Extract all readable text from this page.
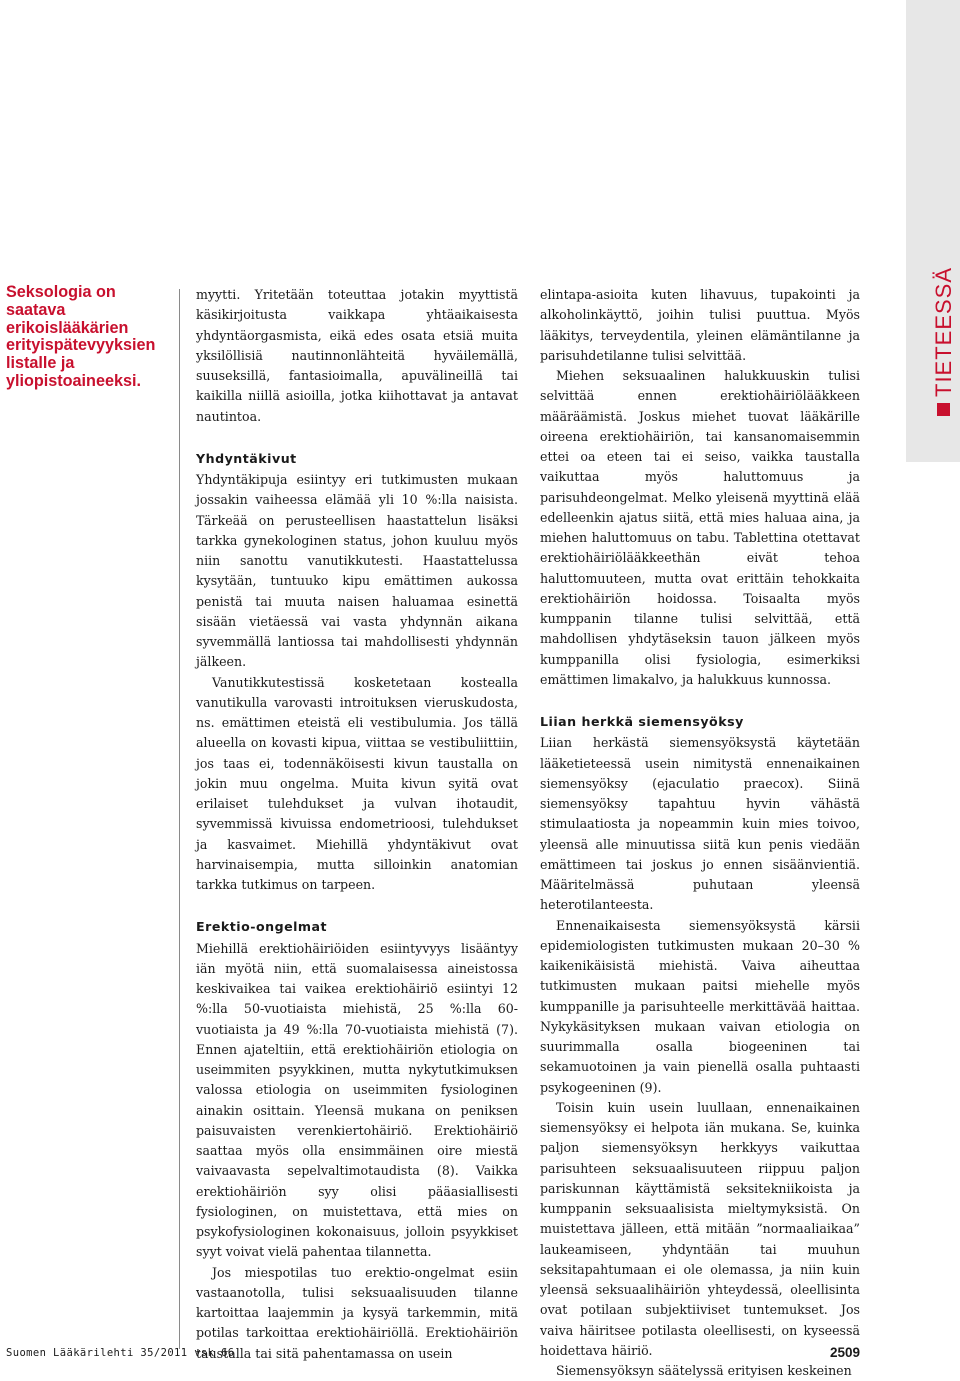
TIETEESSÄ
Seksologia on saatava erikoislääkärien erityispätevyyksien listalle ja yliopistoaineeksi.

myytti. Yritetään toteuttaa jotakin myyttistä käsikirjoitusta vaikkapa yhtäaikaisesta yhdyntäorgasmista, eikä edes osata etsiä muita yksilöllisiä nautinnonlähteitä hyväilemällä, suuseksillä, fantasioimalla, apuvälineillä tai kaikilla niillä asioilla, jotka kiihottavat ja antavat nautintoa.

Yhdyntäkivut

Yhdyntäkipuja esiintyy eri tutkimusten mukaan jossakin vaiheessa elämää yli 10 %:lla naisista. Tärkeää on perusteellisen haastattelun lisäksi tarkka gynekologinen status, johon kuuluu myös niin sanottu vanutikkutesti. Haastattelussa kysytään, tuntuuko kipu emättimen aukossa penistä tai muuta naisen haluamaa esinettä sisään vietäessä vai vasta yhdynnän aikana syvemmällä lantiossa tai mahdollisesti yhdynnän jälkeen.

Vanutikkutestissä kosketetaan kostealla vanutikulla varovasti introituksen vieruskudosta, ns. emättimen eteistä eli vestibulumia. Jos tällä alueella on kovasti kipua, viittaa se vestibuliittiin, jos taas ei, todennäköisesti kivun taustalla on jokin muu ongelma. Muita kivun syitä ovat erilaiset tulehdukset ja vulvan ihotaudit, syvemmissä kivuissa endometrioosi, tulehdukset ja kasvaimet. Miehillä yhdyntäkivut ovat harvinaisempia, mutta silloinkin anatomian tarkka tutkimus on tarpeen.

Erektio-ongelmat

Miehillä erektiohäiriöiden esiintyvyys lisääntyy iän myötä niin, että suomalaisessa aineistossa keskivaikea tai vaikea erektiohäiriö esiintyi 12 %:lla 50-vuotiaista miehistä, 25 %:lla 60-vuotiaista ja 49 %:lla 70-vuotiaista miehistä (7). Ennen ajateltiin, että erektiohäiriön etiologia on useimmiten psyykkinen, mutta nykytutkimuksen valossa etiologia on useimmiten fysiologinen ainakin osittain. Yleensä mukana on peniksen paisuvaisten verenkiertohäiriö. Erektiohäiriö saattaa myös olla ensimmäinen oire miestä vaivaavasta sepelvaltimotaudista (8). Vaikka erektiohäiriön syy olisi pääasiallisesti fysiologinen, on muistettava, että mies on psykofysiologinen kokonaisuus, jolloin psyykkiset syyt voivat vielä pahentaa tilannetta.

Jos miespotilas tuo erektio-ongelmat esiin vastaanotolla, tulisi seksuaalisuuden tilanne kartoittaa laajemmin ja kysyä tarkemmin, mitä potilas tarkoittaa erektiohäiriöllä. Erektiohäiriön taustalla tai sitä pahentamassa on usein

elintapa-asioita kuten lihavuus, tupakointi ja alkoholinkäyttö, joihin tulisi puuttua. Myös lääkitys, terveydentila, yleinen elämäntilanne ja parisuhdetilanne tulisi selvittää.

Miehen seksuaalinen halukkuuskin tulisi selvittää ennen erektiohäiriölääkkeen määräämistä. Joskus miehet tuovat lääkärille oireena erektiohäiriön, tai kansanomaisemmin ettei oa eteen tai ei seiso, vaikka taustalla vaikuttaa myös haluttomuus ja parisuhdeongelmat. Melko yleisenä myyttinä elää edelleenkin ajatus siitä, että mies haluaa aina, ja miehen haluttomuus on tabu. Tablettina otettavat erektiohäiriölääkkeethän eivät tehoa haluttomuuteen, mutta ovat erittäin tehokkaita erektiohäiriön hoidossa. Toisaalta myös kumppanin tilanne tulisi selvittää, että mahdollisen yhdytäseksin tauon jälkeen myös kumppanilla olisi fysiologia, esimerkiksi emättimen limakalvo, ja halukkuus kunnossa.

Liian herkkä siemensyöksy

Liian herkästä siemensyöksystä käytetään lääketieteessä usein nimitystä ennenaikainen siemensyöksy (ejaculatio praecox). Siinä siemensyöksy tapahtuu hyvin vähästä stimulaatiosta ja nopeammin kuin mies toivoo, yleensä alle minuutissa siitä kun penis viedään emättimeen tai joskus jo ennen sisäänvientiä. Määritelmässä puhutaan yleensä heterotilanteesta.

Ennenaikaisesta siemensyöksystä kärsii epidemiologisten tutkimusten mukaan 20–30 % kaikenikäisistä miehistä. Vaiva aiheuttaa tutkimusten mukaan paitsi miehelle myös kumppanille ja parisuhteelle merkittävää haittaa. Nykykäsityksen mukaan vaivan etiologia on suurimmalla osalla biogeeninen tai sekamuotoinen ja vain pienellä osalla puhtaasti psykogeeninen (9).

Toisin kuin usein luullaan, ennenaikainen siemensyöksy ei helpota iän mukana. Se, kuinka paljon siemensyöksyn herkkyys vaikuttaa parisuhteen seksuaalisuuteen riippuu paljon pariskunnan käyttämistä seksitekniikoista ja kumppanin seksuaalisista mieltymyksistä. On muistettava jälleen, että mitään ”normaaliaikaa” laukeamiseen, yhdyntään tai muuhun seksitapahtumaan ei ole olemassa, ja niin kuin yleensä seksuaalihäiriön yhteydessä, oleellisinta ovat potilaan subjektiiviset tuntemukset. Jos vaiva häiritsee potilasta oleellisesti, on kyseessä hoidettava häiriö.

Siemensyöksyn säätelyssä erityisen keskeinen

Suomen Lääkärilehti 35/2011 vsk 66	2509
